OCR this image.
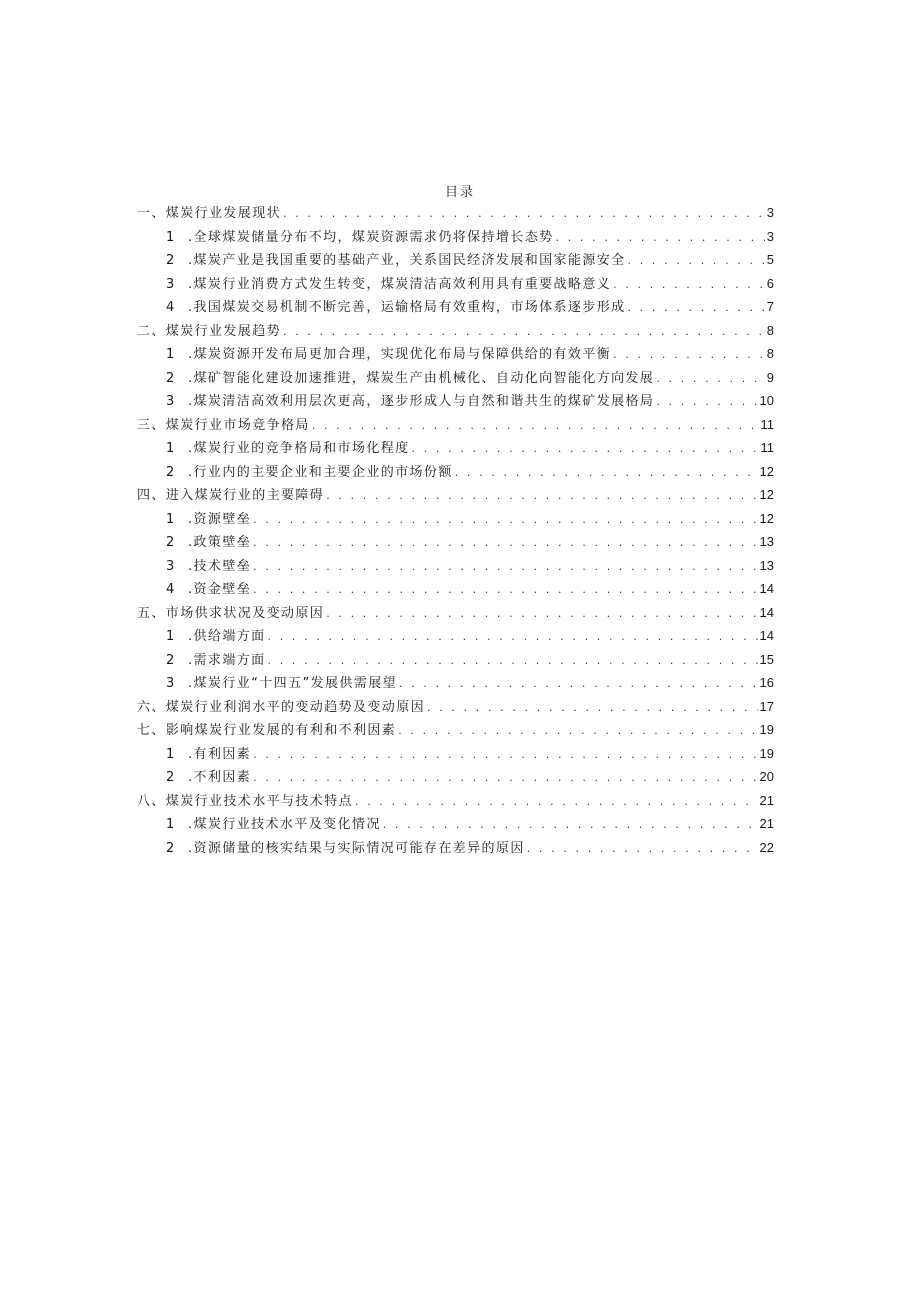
目录
一、煤炭行业发展现状 . . .	3
1 .全球煤炭储量分布不均，煤炭资源需求仍将保持增长态势 . . .	3
2 .煤炭产业是我国重要的基础产业，关系国民经济发展和国家能源安全 . . .	5
3 .煤炭行业消费方式发生转变，煤炭清洁高效利用具有重要战略意义 . . .	6
4 .我国煤炭交易机制不断完善，运输格局有效重构，市场体系逐步形成 . . .	7
二、煤炭行业发展趋势 . . .	8
1 .煤炭资源开发布局更加合理，实现优化布局与保障供给的有效平衡 . . .	8
2 .煤矿智能化建设加速推进，煤炭生产由机械化、自动化向智能化方向发展 . . .	9
3 .煤炭清洁高效利用层次更高，逐步形成人与自然和谐共生的煤矿发展格局 . . .	10
三、煤炭行业市场竞争格局 . . .	11
1 .煤炭行业的竞争格局和市场化程度 . . .	11
2 .行业内的主要企业和主要企业的市场份额 . . .	12
四、进入煤炭行业的主要障碍 . . .	12
1 .资源壁垒 . . .	12
2 .政策壁垒 . . .	13
3 .技术壁垒 . . .	13
4 .资金壁垒 . . .	14
五、市场供求状况及变动原因 . . .	14
1 .供给端方面 . . .	14
2 .需求端方面 . . .	15
3 .煤炭行业“十四五”发展供需展望 . . .	16
六、煤炭行业利润水平的变动趋势及变动原因 . . .	17
七、影响煤炭行业发展的有利和不利因素 . . .	19
1 .有利因素 . . .	19
2 .不利因素 . . .	20
八、煤炭行业技术水平与技术特点 . . .	21
1 .煤炭行业技术水平及变化情况 . . .	21
2 .资源储量的核实结果与实际情况可能存在差异的原因 . . .	22
